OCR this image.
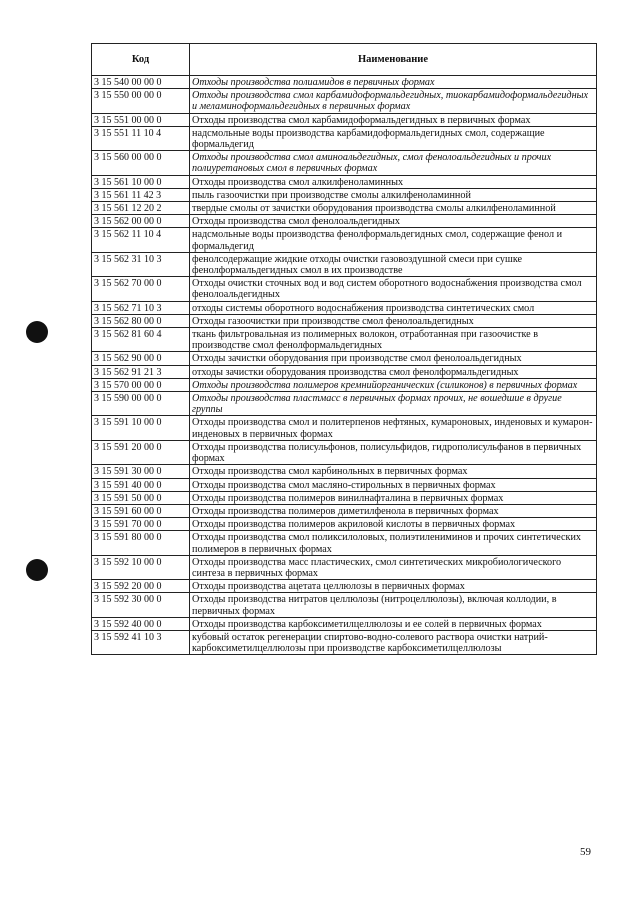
Код	Наименование
3 15 540 00 00 0	Отходы производства полиамидов в первичных формах
3 15 550 00 00 0	Отходы производства смол карбамидоформальдегидных, тиокарбамидоформальдегидных и меламиноформальдегидных в первичных формах
3 15 551 00 00 0	Отходы производства смол карбамидоформальдегидных в первичных формах
3 15 551 11 10 4	надсмольные воды производства карбамидоформальдегидных смол, содержащие формальдегид
3 15 560 00 00 0	Отходы производства смол аминоальдегидных, смол фенолоальдегидных и прочих полиуретановых смол в первичных формах
3 15 561 10 00 0	Отходы производства смол алкилфеноламинных
3 15 561 11 42 3	пыль газоочистки при производстве смолы алкилфеноламинной
3 15 561 12 20 2	твердые смолы от зачистки оборудования производства смолы алкилфеноламинной
3 15 562 00 00 0	Отходы производства смол фенолоальдегидных
3 15 562 11 10 4	надсмольные воды производства фенолформальдегидных смол, содержащие фенол и формальдегид
3 15 562 31 10 3	фенолсодержащие жидкие отходы очистки газовоздушной смеси при сушке фенолформальдегидных смол в их производстве
3 15 562 70 00 0	Отходы очистки сточных вод и вод систем оборотного водоснабжения производства смол фенолоальдегидных
3 15 562 71 10 3	отходы системы оборотного водоснабжения производства синтетических смол
3 15 562 80 00 0	Отходы газоочистки при производстве смол фенолоальдегидных
3 15 562 81 60 4	ткань фильтровальная из полимерных волокон, отработанная при газоочистке в производстве смол фенолформальдегидных
3 15 562 90 00 0	Отходы зачистки оборудования при производстве смол фенолоальдегидных
3 15 562 91 21 3	отходы зачистки оборудования производства смол фенолформальдегидных
3 15 570 00 00 0	Отходы производства полимеров кремнийорганических (силиконов) в первичных формах
3 15 590 00 00 0	Отходы производства пластмасс в первичных формах прочих, не вошедшие в другие группы
3 15 591 10 00 0	Отходы производства смол и политерпенов нефтяных, кумароновых, инденовых и кумарон-инденовых в первичных формах
3 15 591 20 00 0	Отходы производства полисульфонов, полисульфидов, гидрополисульфанов в первичных формах
3 15 591 30 00 0	Отходы производства смол карбинольных в первичных формах
3 15 591 40 00 0	Отходы производства смол масляно-стирольных в первичных формах
3 15 591 50 00 0	Отходы производства полимеров винилнафталина в первичных формах
3 15 591 60 00 0	Отходы производства полимеров диметилфенола в первичных формах
3 15 591 70 00 0	Отходы производства полимеров акриловой кислоты в первичных формах
3 15 591 80 00 0	Отходы производства смол поликсилоловых, полиэтилениминов и прочих синтетических полимеров в первичных формах
3 15 592 10 00 0	Отходы производства масс пластических, смол синтетических микробиологического синтеза в первичных формах
3 15 592 20 00 0	Отходы производства ацетата целлюлозы в первичных формах
3 15 592 30 00 0	Отходы производства нитратов целлюлозы (нитроцеллюлозы), включая коллодии, в первичных формах
3 15 592 40 00 0	Отходы производства карбоксиметилцеллюлозы и ее солей в первичных формах
3 15 592 41 10 3	кубовый остаток регенерации спиртово-водно-солевого раствора очистки натрий-карбоксиметилцеллюлозы при производстве карбоксиметилцеллюлозы
59
